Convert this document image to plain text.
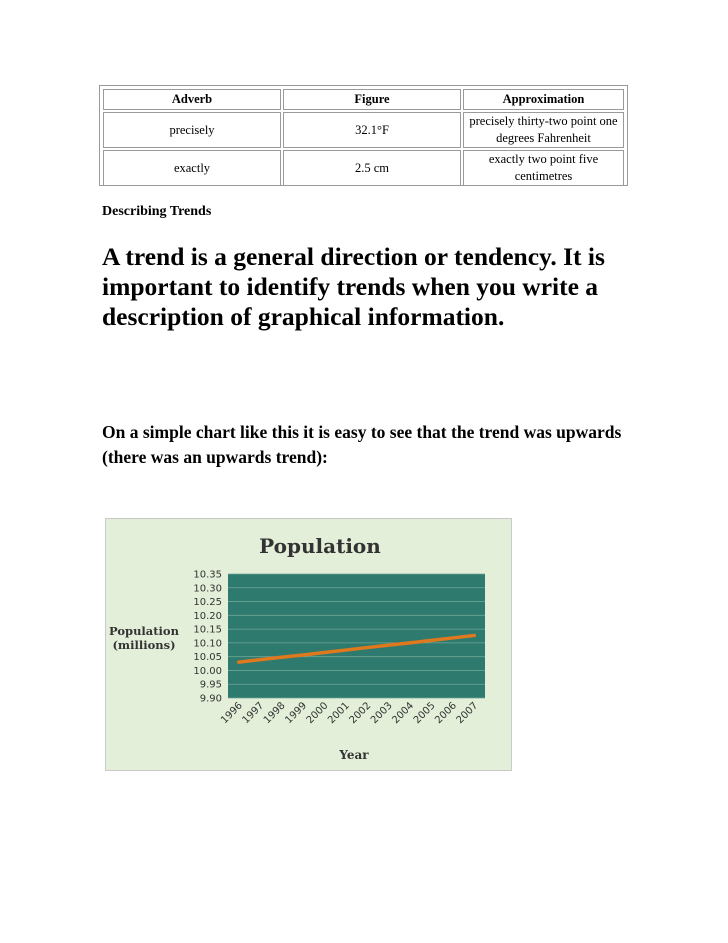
Adverb	Figure	Approximation
precisely	32.1°F	precisely thirty-two point one degrees Fahrenheit
exactly	2.5 cm	exactly two point five centimetres
Describing Trends

A trend is a general direction or tendency. It is important to identify trends when you write a description of graphical information.

On a simple chart like this it is easy to see that the trend was upwards (there was an upwards trend):

Population
9.90
9.95
10.00
10.05
10.10
10.15
10.20
10.25
10.30
10.35
1996
1997
1998
1999
2000
2001
2002
2003
2004
2005
2006
2007
Population
(millions)
Year
